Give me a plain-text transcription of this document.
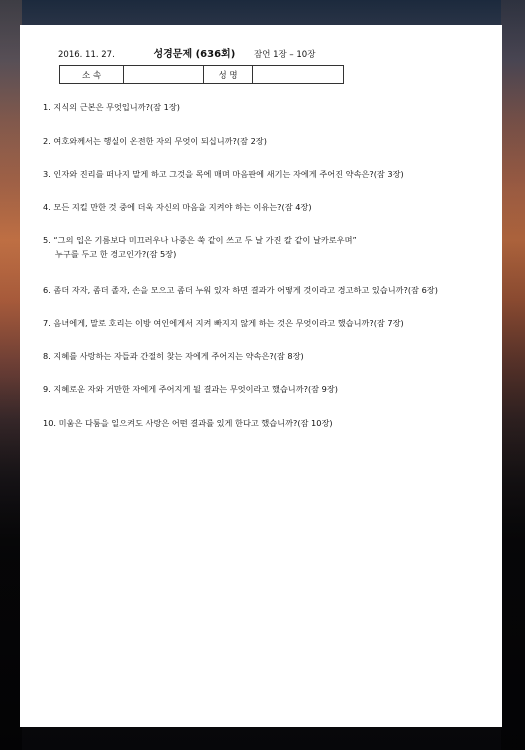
2016. 11. 27.	성경문제 (636회) 잠언 1장 – 10장
소 속		성 명	
1. 지식의 근본은 무엇입니까?(잠 1장)
2. 여호와께서는 행실이 온전한 자의 무엇이 되십니까?(잠 2장)
3. 인자와 진리를 떠나지 말게 하고 그것을 목에 매며 마음판에 새기는 자에게 주어진 약속은?(잠 3장)
4. 모든 지킬 만한 것 중에 더욱 자신의 마음을 지켜야 하는 이유는?(잠 4장)
5. “그의 입은 기름보다 미끄러우나 나중은 쑥 같이 쓰고 두 날 가진 칼 같이 날카로우며”
누구를 두고 한 경고인가?(잠 5장)
6. 좀더 자자, 좀더 졸자, 손을 모으고 좀더 누워 있자 하면 결과가 어떻게 것이라고 경고하고 있습니까?(잠 6장)
7. 음녀에게, 말로 호리는 이방 여인에게서 지켜 빠지지 않게 하는 것은 무엇이라고 했습니까?(잠 7장)
8. 지혜를 사랑하는 자들과 간절히 찾는 자에게 주어지는 약속은?(잠 8장)
9. 지혜로운 자와 거만한 자에게 주어지게 될 결과는 무엇이라고 했습니까?(잠 9장)
10. 미움은 다툼을 일으켜도 사랑은 어떤 결과를 있게 한다고 했습니까?(잠 10장)
